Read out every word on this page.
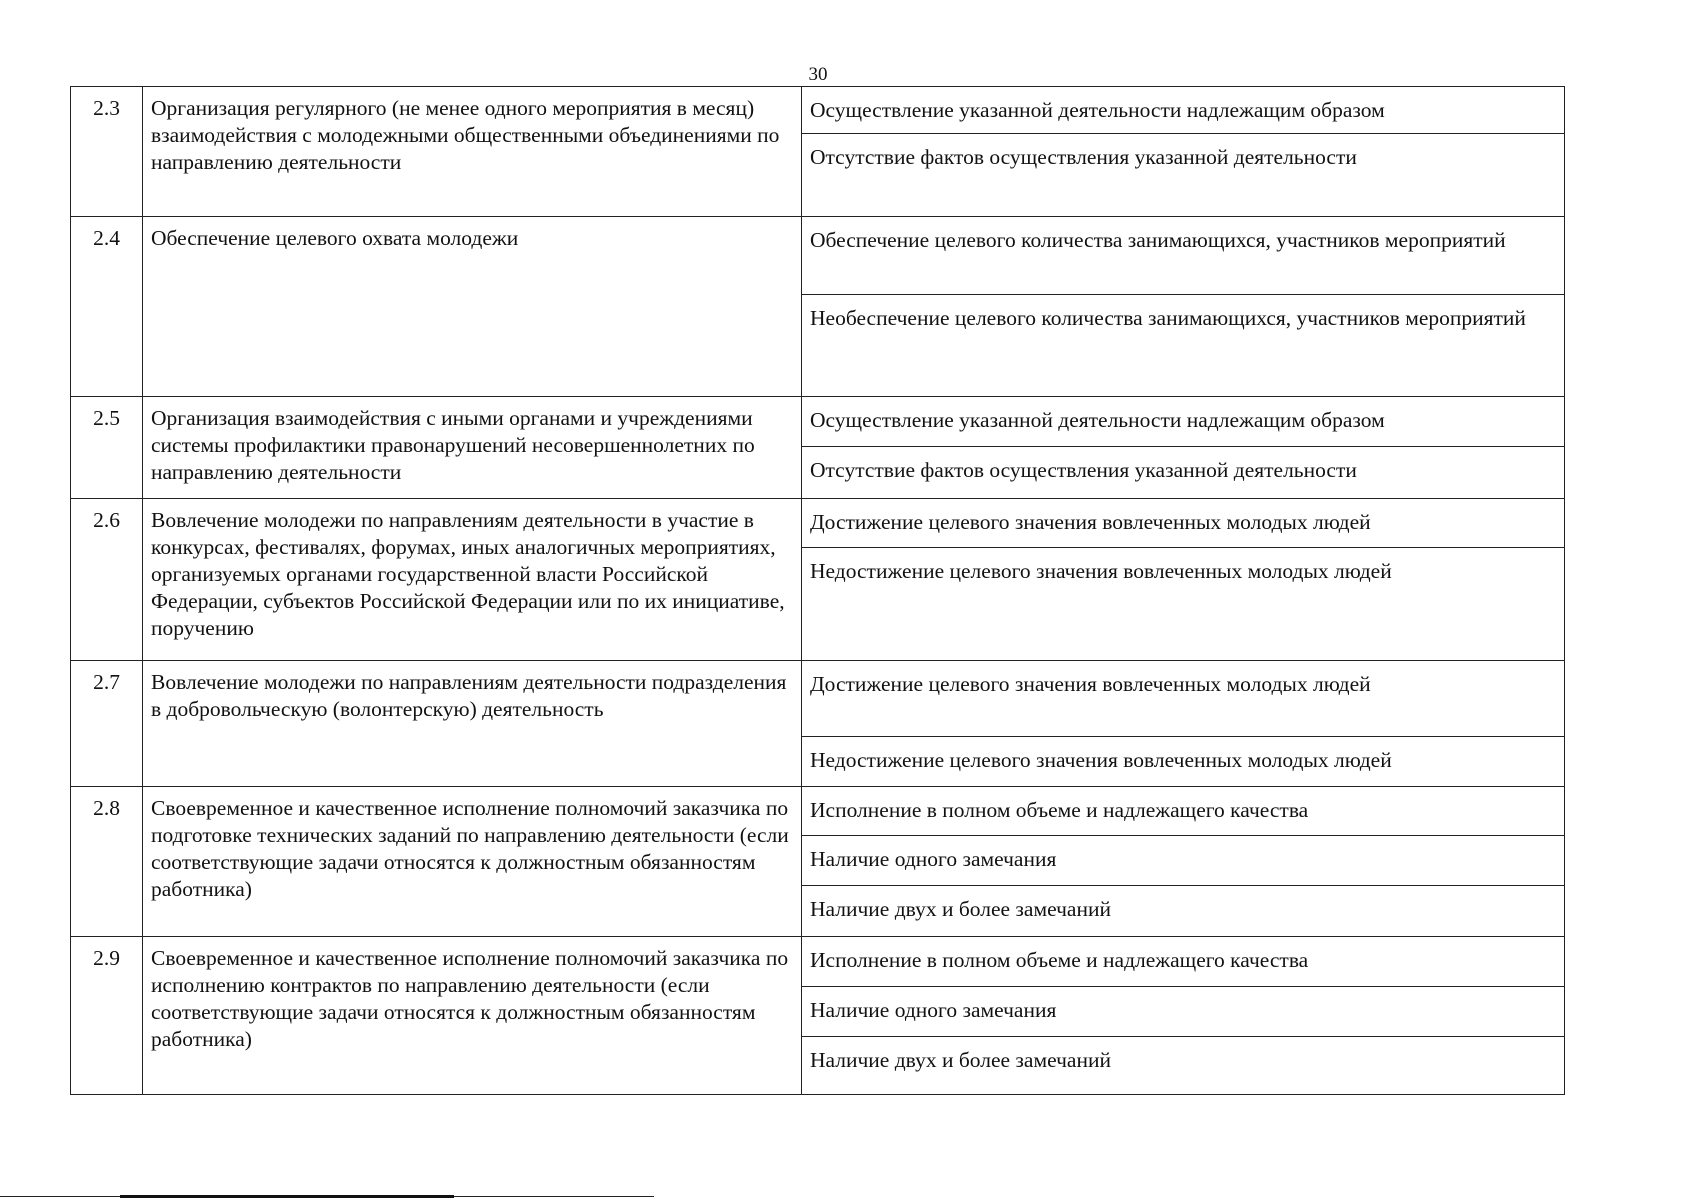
30
2.3	Организация регулярного (не менее одного мероприятия в месяц) взаимодействия с молодежными общественными объединениями по направлению деятельности	Осуществление указанной деятельности надлежащим образом
Отсутствие фактов осуществления указанной деятельности

2.4	Обеспечение целевого охвата молодежи	Обеспечение целевого количества занимающихся, участников мероприятий
Необеспечение целевого количества занимающихся, участников мероприятий

2.5	Организация взаимодействия с иными органами и учреждениями системы профилактики правонарушений несовершеннолетних по направлению деятельности	Осуществление указанной деятельности надлежащим образом
Отсутствие фактов осуществления указанной деятельности

2.6	Вовлечение молодежи по направлениям деятельности в участие в конкурсах, фестивалях, форумах, иных аналогичных мероприятиях, организуемых органами государственной власти Российской Федерации, субъектов Российской Федерации или по их инициативе, поручению	Достижение целевого значения вовлеченных молодых людей
Недостижение целевого значения вовлеченных молодых людей

2.7	Вовлечение молодежи по направлениям деятельности подразделения в добровольческую (волонтерскую) деятельность	Достижение целевого значения вовлеченных молодых людей
Недостижение целевого значения вовлеченных молодых людей

2.8	Своевременное и качественное исполнение полномочий заказчика по подготовке технических заданий по направлению деятельности (если соответствующие задачи относятся к должностным обязанностям работника)	Исполнение в полном объеме и надлежащего качества
Наличие одного замечания
Наличие двух и более замечаний

2.9	Своевременное и качественное исполнение полномочий заказчика по исполнению контрактов по направлению деятельности (если соответствующие задачи относятся к должностным обязанностям работника)	Исполнение в полном объеме и надлежащего качества
Наличие одного замечания
Наличие двух и более замечаний
